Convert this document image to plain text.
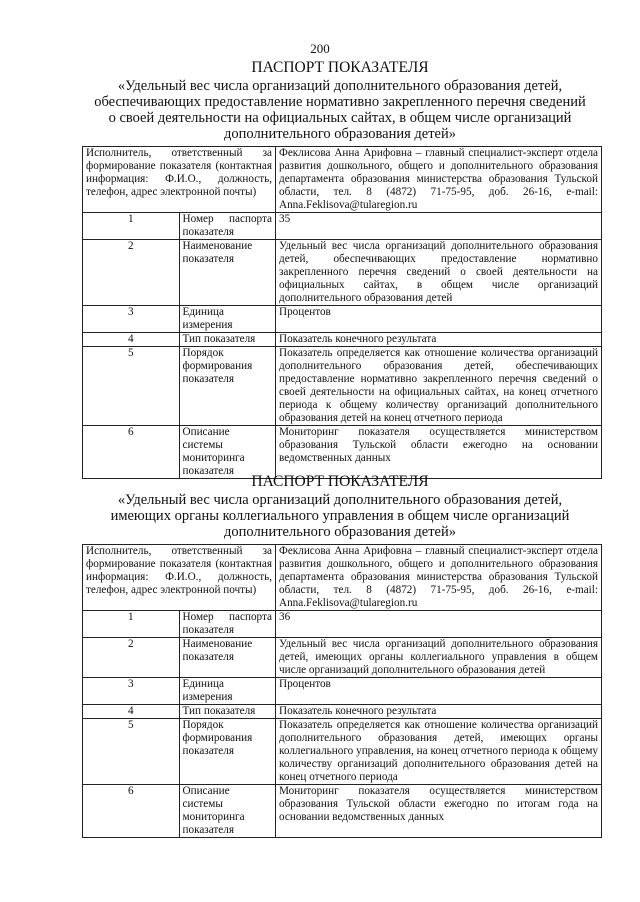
200
ПАСПОРТ ПОКАЗАТЕЛЯ
«Удельный вес числа организаций дополнительного образования детей, обеспечивающих предоставление нормативно закрепленного перечня сведений о своей деятельности на официальных сайтах, в общем числе организаций дополнительного образования детей»
Исполнитель, ответственный за формирование показателя (контактная информация: Ф.И.О., должность, телефон, адрес электронной почты)		Феклисова Анна Арифовна – главный специалист-эксперт отдела развития дошкольного, общего и дополнительного образования департамента образования министерства образования Тульской области, тел. 8 (4872) 71-75-95, доб. 26-16, e-mail: Anna.Feklisova@tularegion.ru
1	Номер паспорта показателя	35
2	Наименование показателя	Удельный вес числа организаций дополнительного образования детей, обеспечивающих предоставление нормативно закрепленного перечня сведений о своей деятельности на официальных сайтах, в общем числе организаций дополнительного образования детей
3	Единица измерения	Процентов
4	Тип показателя	Показатель конечного результата
5	Порядок формирования показателя	Показатель определяется как отношение количества организаций дополнительного образования детей, обеспечивающих предоставление нормативно закрепленного перечня сведений о своей деятельности на официальных сайтах, на конец отчетного периода к общему количеству организаций дополнительного образования детей на конец отчетного периода
6	Описание системы мониторинга показателя	Мониторинг показателя осуществляется министерством образования Тульской области ежегодно на основании ведомственных данных
ПАСПОРТ ПОКАЗАТЕЛЯ
«Удельный вес числа организаций дополнительного образования детей, имеющих органы коллегиального управления в общем числе организаций дополнительного образования детей»
Исполнитель, ответственный за формирование показателя (контактная информация: Ф.И.О., должность, телефон, адрес электронной почты)		Феклисова Анна Арифовна – главный специалист-эксперт отдела развития дошкольного, общего и дополнительного образования департамента образования министерства образования Тульской области, тел. 8 (4872) 71-75-95, доб. 26-16, e-mail: Anna.Feklisova@tularegion.ru
1	Номер паспорта показателя	36
2	Наименование показателя	Удельный вес числа организаций дополнительного образования детей, имеющих органы коллегиального управления в общем числе организаций дополнительного образования детей
3	Единица измерения	Процентов
4	Тип показателя	Показатель конечного результата
5	Порядок формирования показателя	Показатель определяется как отношение количества организаций дополнительного образования детей, имеющих органы коллегиального управления, на конец отчетного периода к общему количеству организаций дополнительного образования детей на конец отчетного периода
6	Описание системы мониторинга показателя	Мониторинг показателя осуществляется министерством образования Тульской области ежегодно по итогам года на основании ведомственных данных
